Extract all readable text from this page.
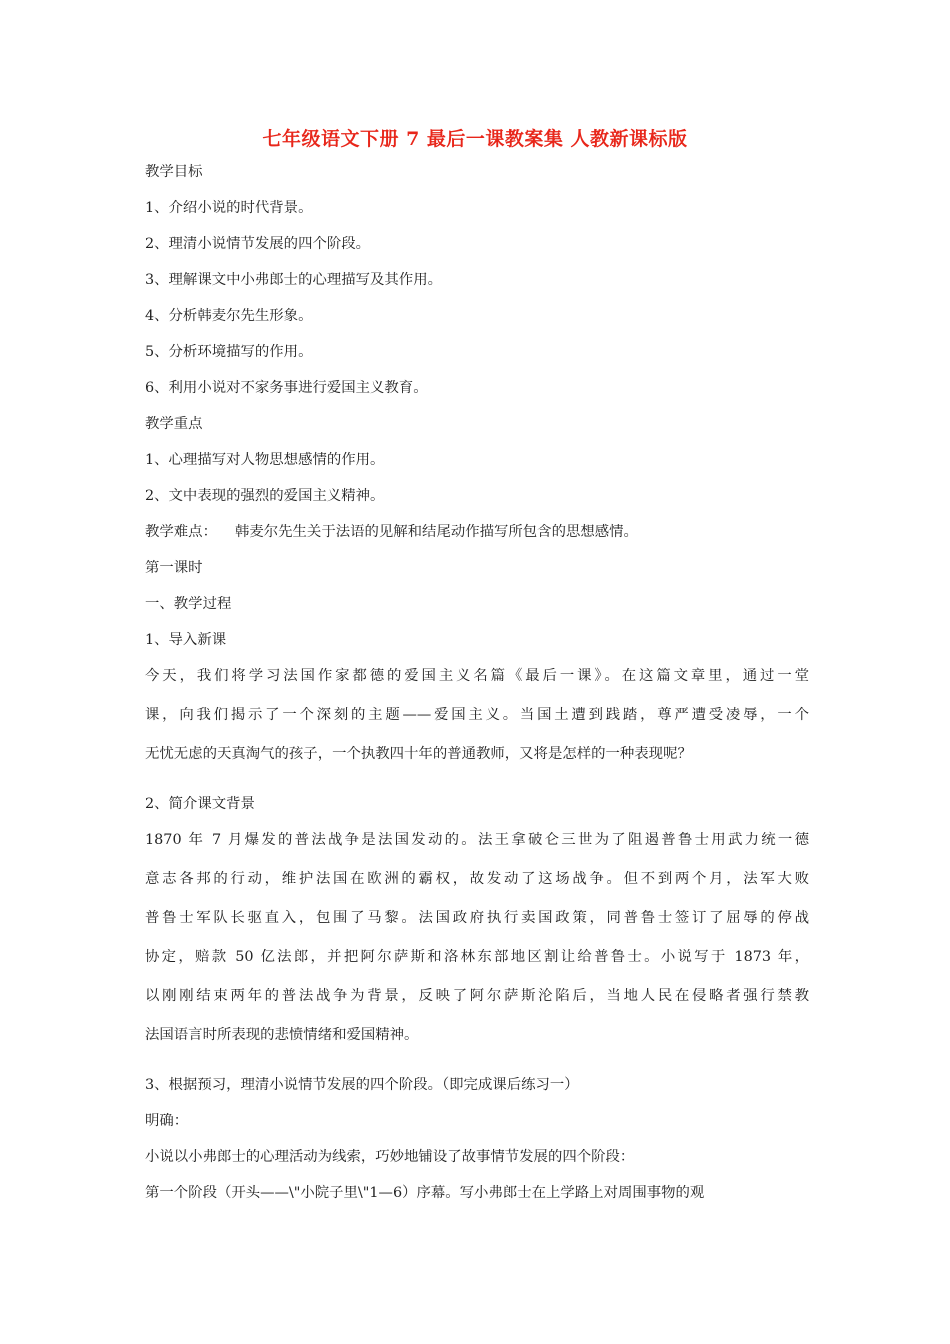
七年级语文下册 7 最后一课教案集 人教新课标版
教学目标
1、介绍小说的时代背景。
2、理清小说情节发展的四个阶段。
3、理解课文中小弗郎士的心理描写及其作用。
4、分析韩麦尔先生形象。
5、分析环境描写的作用。
6、利用小说对不家务事进行爱国主义教育。
教学重点
1、心理描写对人物思想感情的作用。
2、文中表现的强烈的爱国主义精神。
教学难点： 韩麦尔先生关于法语的见解和结尾动作描写所包含的思想感情。
第一课时
一、教学过程
1、导入新课
今天，我们将学习法国作家都德的爱国主义名篇《最后一课》。在这篇文章里，通过一堂
课，向我们揭示了一个深刻的主题——爱国主义。当国土遭到践踏，尊严遭受凌辱，一个
无忧无虑的天真淘气的孩子，一个执教四十年的普通教师，又将是怎样的一种表现呢？
2、简介课文背景
1870 年 7 月爆发的普法战争是法国发动的。法王拿破仑三世为了阻遏普鲁士用武力统一德
意志各邦的行动，维护法国在欧洲的霸权，故发动了这场战争。但不到两个月，法军大败
普鲁士军队长驱直入，包围了马黎。法国政府执行卖国政策，同普鲁士签订了屈辱的停战
协定，赔款 50 亿法郎，并把阿尔萨斯和洛林东部地区割让给普鲁士。小说写于 1873 年，
以刚刚结束两年的普法战争为背景，反映了阿尔萨斯沦陷后，当地人民在侵略者强行禁教
法国语言时所表现的悲愤情绪和爱国精神。
3、根据预习，理清小说情节发展的四个阶段。（即完成课后练习一）
明确：
小说以小弗郎士的心理活动为线索，巧妙地铺设了故事情节发展的四个阶段：
第一个阶段（开头——\"小院子里\"1—6）序幕。写小弗郎士在上学路上对周围事物的观
